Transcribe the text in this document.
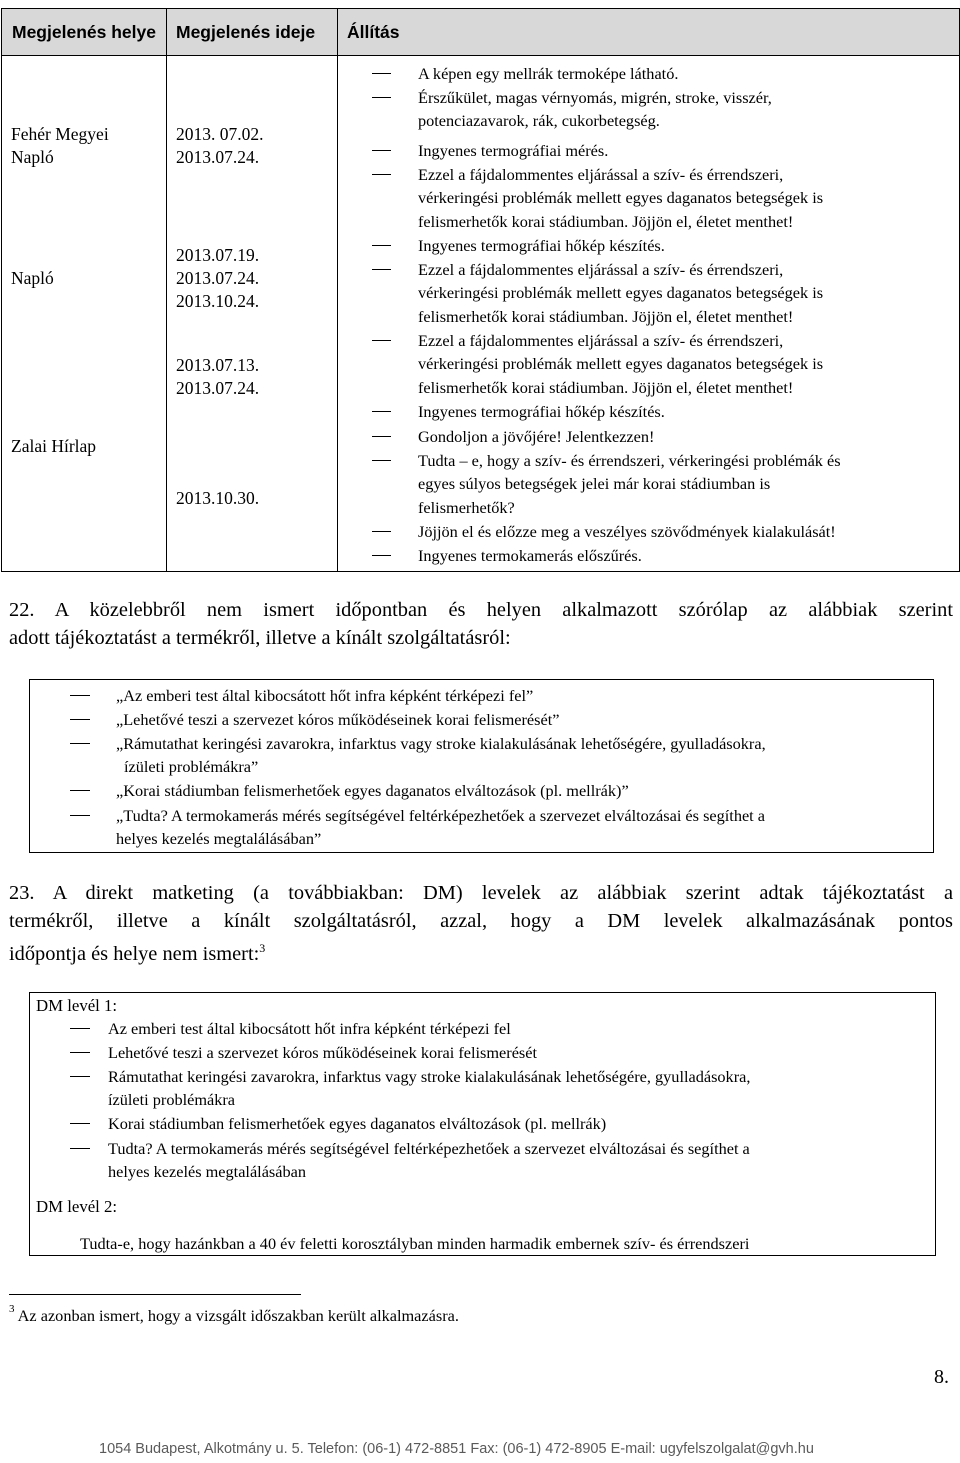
Megjelenés helye Megjelenés ideje Állítás
Fehér Megyei
Napló
Napló
Zalai Hírlap
2013. 07.02.
2013.07.24.
2013.07.19.
2013.07.24.
2013.10.24.
2013.07.13.
2013.07.24.
2013.10.30.
A képen egy mellrák termoképe látható.
Érszűkület, magas vérnyomás, migrén, stroke, visszér,
potenciazavarok, rák, cukorbetegség.
Ingyenes termográfiai mérés.
Ezzel a fájdalommentes eljárással a szív- és érrendszeri,
vérkeringési problémák mellett egyes daganatos betegségek is
felismerhetők korai stádiumban. Jöjjön el, életet menthet!
Ingyenes termográfiai hőkép készítés.
Ezzel a fájdalommentes eljárással a szív- és érrendszeri,
vérkeringési problémák mellett egyes daganatos betegségek is
felismerhetők korai stádiumban. Jöjjön el, életet menthet!
Ezzel a fájdalommentes eljárással a szív- és érrendszeri,
vérkeringési problémák mellett egyes daganatos betegségek is
felismerhetők korai stádiumban. Jöjjön el, életet menthet!
Ingyenes termográfiai hőkép készítés.
Gondoljon a jövőjére! Jelentkezzen!
Tudta – e, hogy a szív- és érrendszeri, vérkeringési problémák és
egyes súlyos betegségek jelei már korai stádiumban is
felismerhetők?
Jöjjön el és előzze meg a veszélyes szövődmények kialakulását!
Ingyenes termokamerás előszűrés.
22. A közelebbről nem ismert időpontban és helyen alkalmazott szórólap az alábbiak szerint
adott tájékoztatást a termékről, illetve a kínált szolgáltatásról:
„Az emberi test által kibocsátott hőt infra képként térképezi fel”
„Lehetővé teszi a szervezet kóros működéseinek korai felismerését”
„Rámutathat keringési zavarokra, infarktus vagy stroke kialakulásának lehetőségére, gyulladásokra,
ízületi problémákra”
„Korai stádiumban felismerhetőek egyes daganatos elváltozások (pl. mellrák)”
„Tudta? A termokamerás mérés segítségével feltérképezhetőek a szervezet elváltozásai és segíthet a
helyes kezelés megtalálásában”
23. A direkt matketing (a továbbiakban: DM) levelek az alábbiak szerint adtak tájékoztatást a
termékről, illetve a kínált szolgáltatásról, azzal, hogy a DM levelek alkalmazásának pontos
időpontja és helye nem ismert:$^3$
DM levél 1:
Az emberi test által kibocsátott hőt infra képként térképezi fel
Lehetővé teszi a szervezet kóros működéseinek korai felismerését
Rámutathat keringési zavarokra, infarktus vagy stroke kialakulásának lehetőségére, gyulladásokra,
ízületi problémákra
Korai stádiumban felismerhetőek egyes daganatos elváltozások (pl. mellrák)
Tudta? A termokamerás mérés segítségével feltérképezhetőek a szervezet elváltozásai és segíthet a
helyes kezelés megtalálásában
DM levél 2:
Tudta-e, hogy hazánkban a 40 év feletti korosztályban minden harmadik embernek szív- és érrendszeri
$^3$ Az azonban ismert, hogy a vizsgált időszakban került alkalmazásra.
8.
1054 Budapest, Alkotmány u. 5. Telefon: (06-1) 472-8851 Fax: (06-1) 472-8905 E-mail: ugyfelszolgalat@gvh.hu
